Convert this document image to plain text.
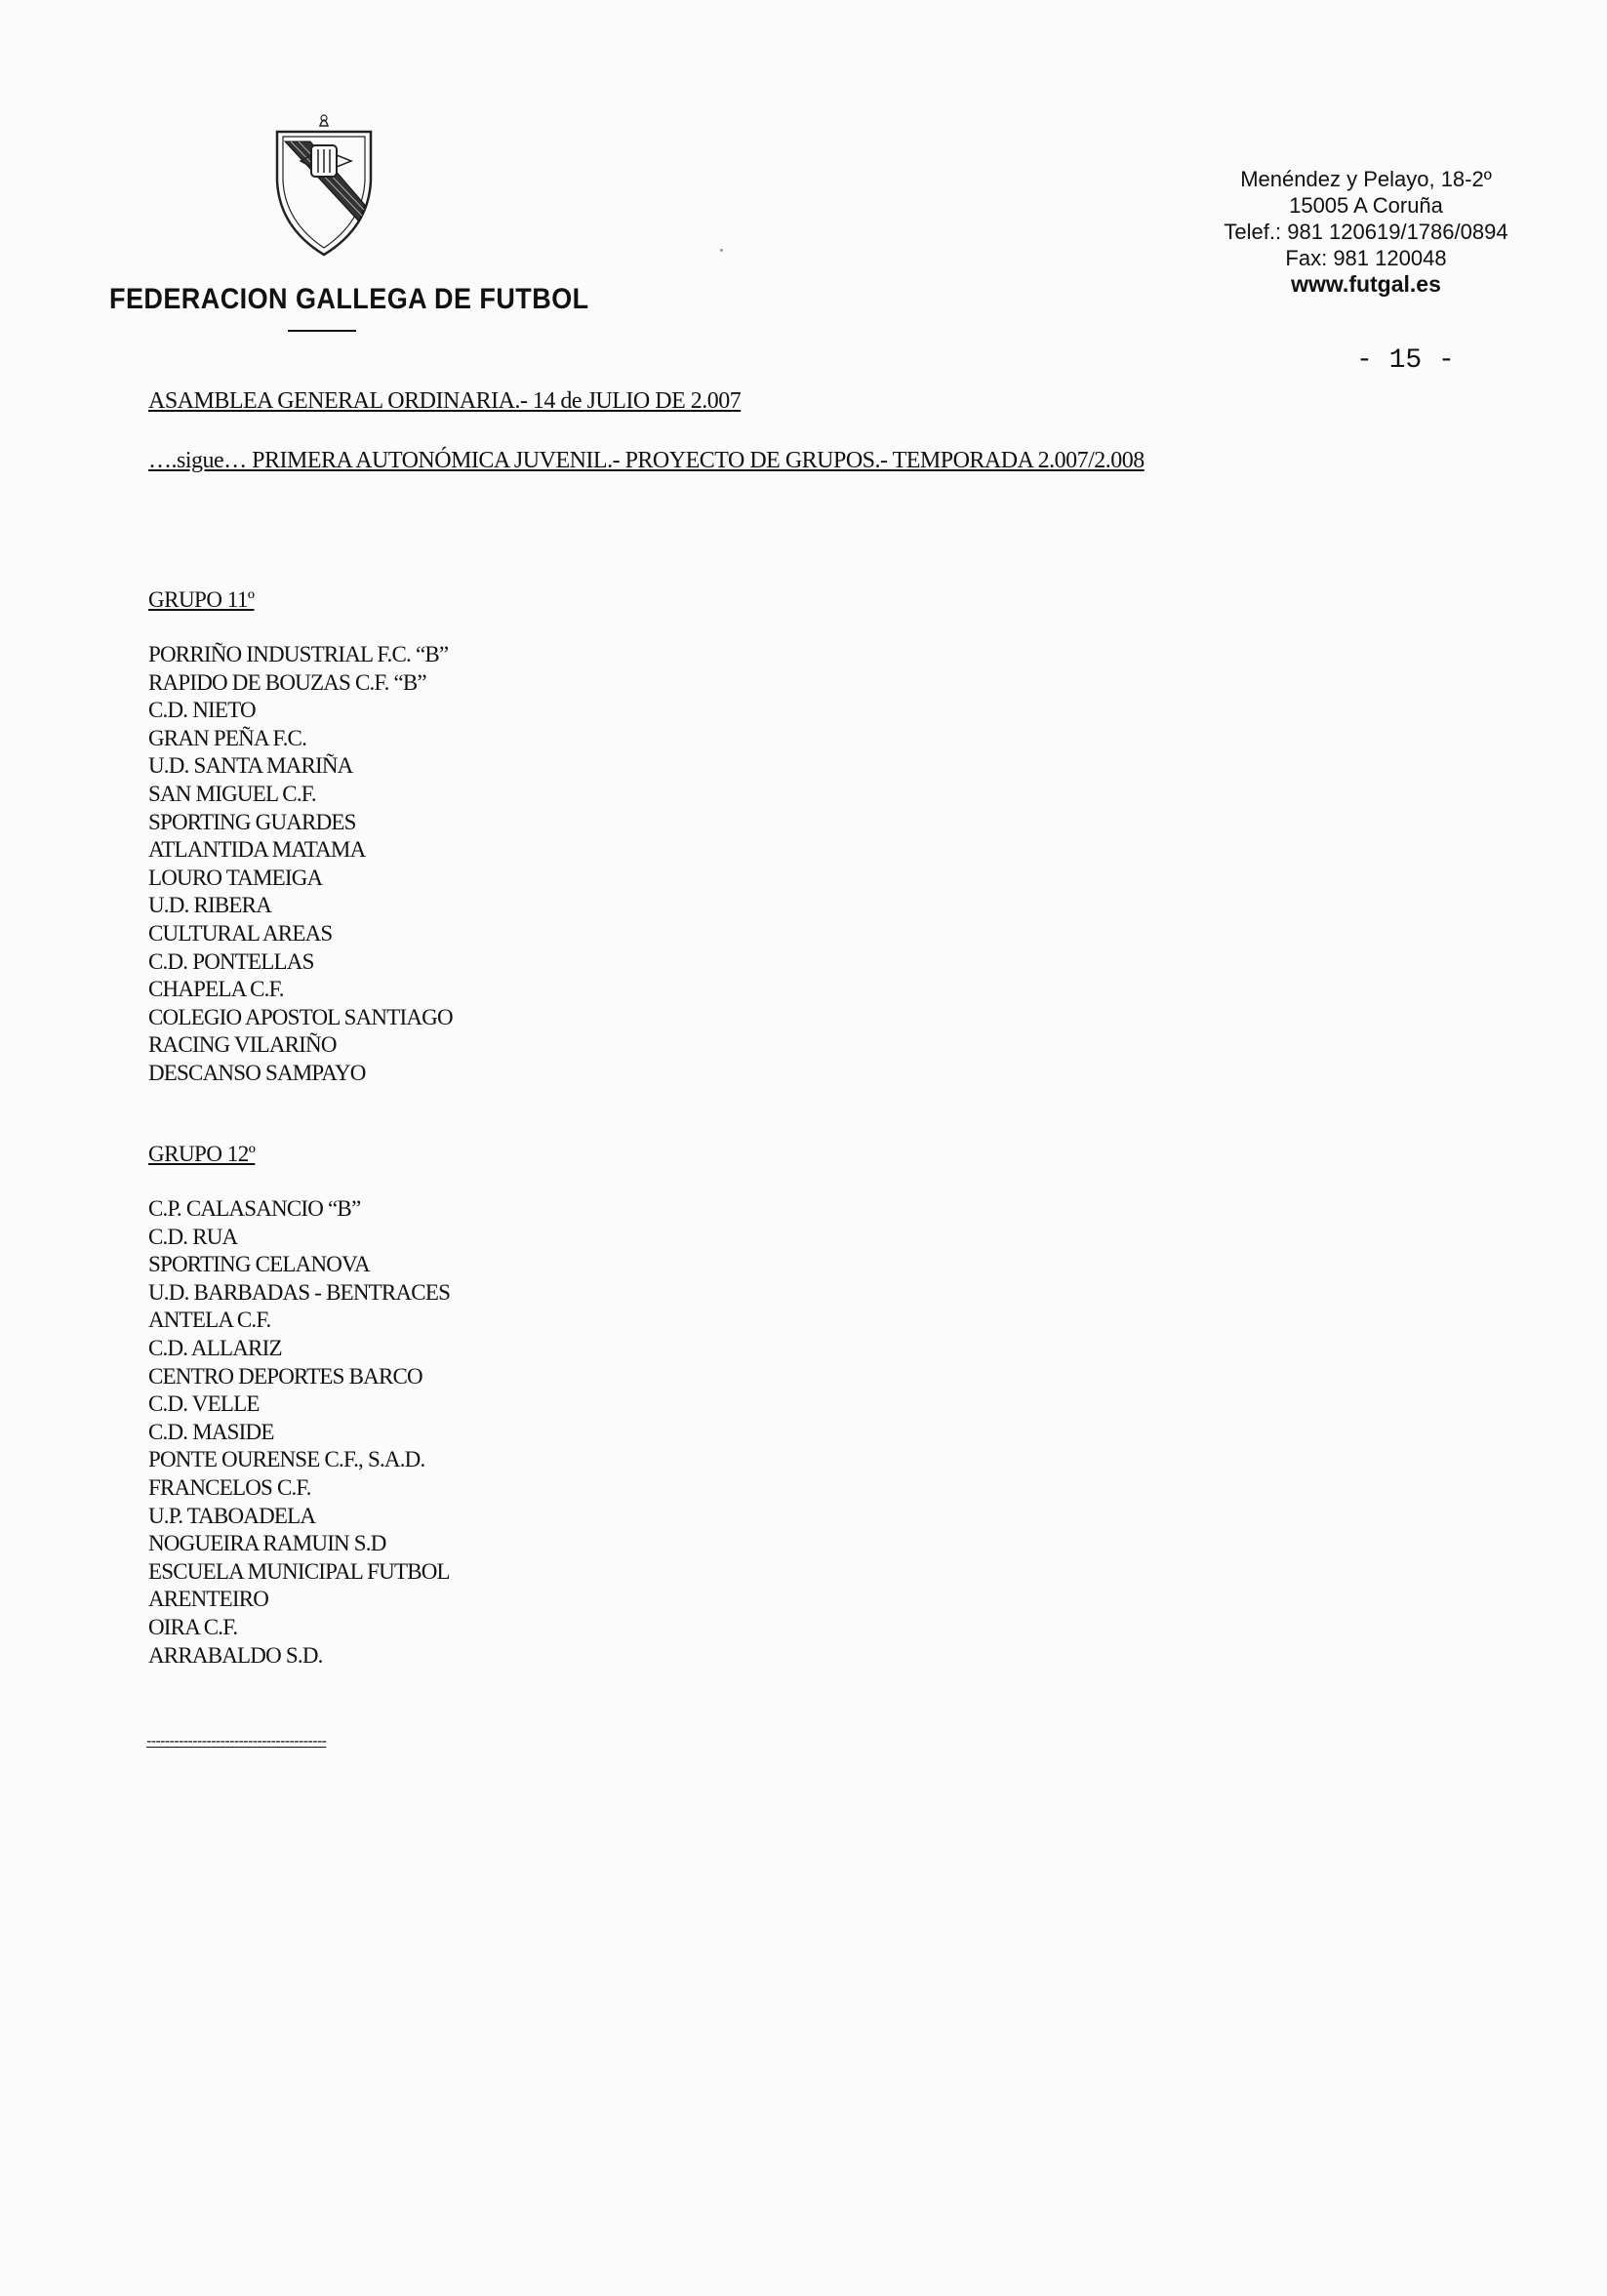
FEDERACION GALLEGA DE FUTBOL
Menéndez y Pelayo, 18-2º
15005 A Coruña
Telef.: 981 120619/1786/0894
Fax: 981 120048
www.futgal.es
- 15 -
ASAMBLEA GENERAL ORDINARIA.- 14 de JULIO DE 2.007
….sigue… PRIMERA AUTONÓMICA JUVENIL.- PROYECTO DE GRUPOS.- TEMPORADA 2.007/2.008
GRUPO 11º
PORRIÑO INDUSTRIAL F.C. “B”
RAPIDO DE BOUZAS C.F. “B”
C.D. NIETO
GRAN PEÑA F.C.
U.D. SANTA MARIÑA
SAN MIGUEL C.F.
SPORTING GUARDES
ATLANTIDA MATAMA
LOURO TAMEIGA
U.D. RIBERA
CULTURAL AREAS
C.D. PONTELLAS
CHAPELA C.F.
COLEGIO APOSTOL SANTIAGO
RACING VILARIÑO
DESCANSO SAMPAYO
GRUPO 12º
C.P. CALASANCIO “B”
C.D. RUA
SPORTING CELANOVA
U.D. BARBADAS - BENTRACES
ANTELA C.F.
C.D. ALLARIZ
CENTRO DEPORTES BARCO
C.D. VELLE
C.D. MASIDE
PONTE OURENSE C.F., S.A.D.
FRANCELOS C.F.
U.P. TABOADELA
NOGUEIRA RAMUIN S.D
ESCUELA MUNICIPAL FUTBOL
ARENTEIRO
OIRA C.F.
ARRABALDO S.D.
---------------------------------------
